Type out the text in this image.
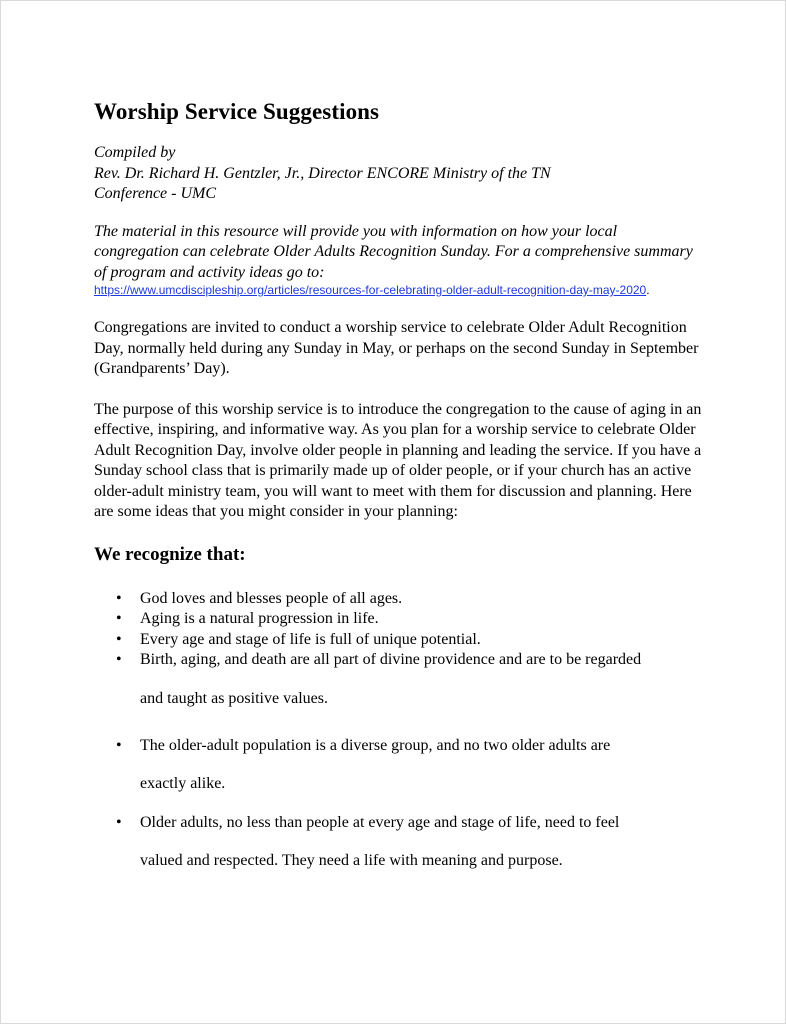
Worship Service Suggestions
Compiled by
Rev. Dr. Richard H. Gentzler, Jr., Director ENCORE Ministry of the TN
Conference - UMC
The material in this resource will provide you with information on how your local congregation can celebrate Older Adults Recognition Sunday. For a comprehensive summary of program and activity ideas go to:
https://www.umcdiscipleship.org/articles/resources-for-celebrating-older-adult-recognition-day-may-2020.
Congregations are invited to conduct a worship service to celebrate Older Adult Recognition Day, normally held during any Sunday in May, or perhaps on the second Sunday in September (Grandparents’ Day).
The purpose of this worship service is to introduce the congregation to the cause of aging in an effective, inspiring, and informative way. As you plan for a worship service to celebrate Older Adult Recognition Day, involve older people in planning and leading the service. If you have a Sunday school class that is primarily made up of older people, or if your church has an active older-adult ministry team, you will want to meet with them for discussion and planning. Here are some ideas that you might consider in your planning:
We recognize that:
• God loves and blesses people of all ages.
• Aging is a natural progression in life.
• Every age and stage of life is full of unique potential.
• Birth, aging, and death are all part of divine providence and are to be regarded
and taught as positive values.
• The older-adult population is a diverse group, and no two older adults are
exactly alike.
• Older adults, no less than people at every age and stage of life, need to feel
valued and respected. They need a life with meaning and purpose.
